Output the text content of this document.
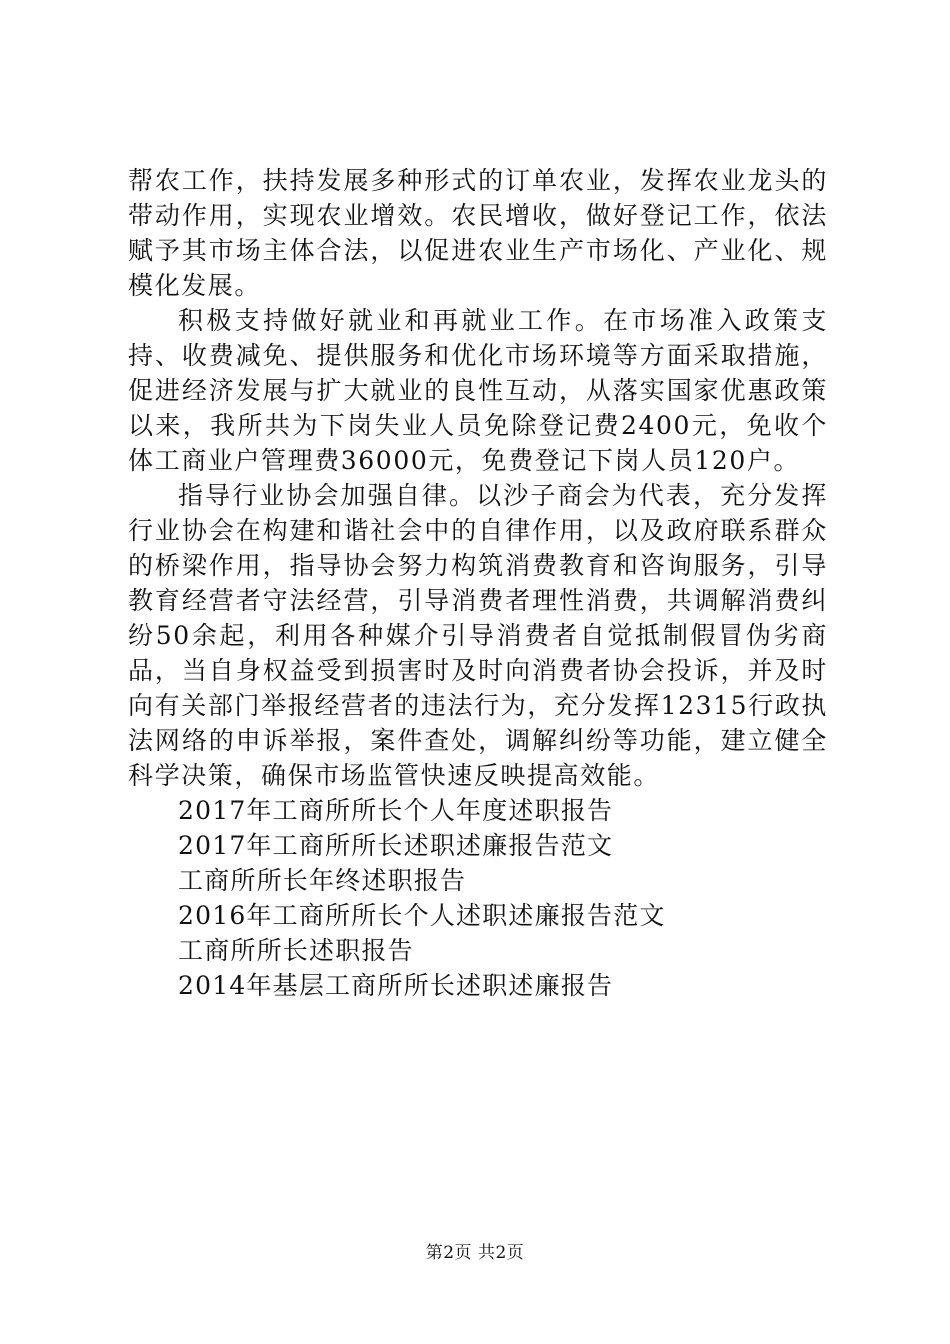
帮农工作，扶持发展多种形式的订单农业，发挥农业龙头的带动作用，实现农业增效。农民增收，做好登记工作，依法赋予其市场主体合法，以促进农业生产市场化、产业化、规模化发展。

积极支持做好就业和再就业工作。在市场准入政策支持、收费减免、提供服务和优化市场环境等方面采取措施，促进经济发展与扩大就业的良性互动，从落实国家优惠政策以来，我所共为下岗失业人员免除登记费2400元，免收个体工商业户管理费36000元，免费登记下岗人员120户。

指导行业协会加强自律。以沙子商会为代表，充分发挥行业协会在构建和谐社会中的自律作用，以及政府联系群众的桥梁作用，指导协会努力构筑消费教育和咨询服务，引导教育经营者守法经营，引导消费者理性消费，共调解消费纠纷50余起，利用各种媒介引导消费者自觉抵制假冒伪劣商品，当自身权益受到损害时及时向消费者协会投诉，并及时向有关部门举报经营者的违法行为，充分发挥12315行政执法网络的申诉举报，案件查处，调解纠纷等功能，建立健全科学决策，确保市场监管快速反映提高效能。

2017年工商所所长个人年度述职报告
2017年工商所所长述职述廉报告范文
工商所所长年终述职报告
2016年工商所所长个人述职述廉报告范文
工商所所长述职报告
2014年基层工商所所长述职述廉报告
第2页 共2页
